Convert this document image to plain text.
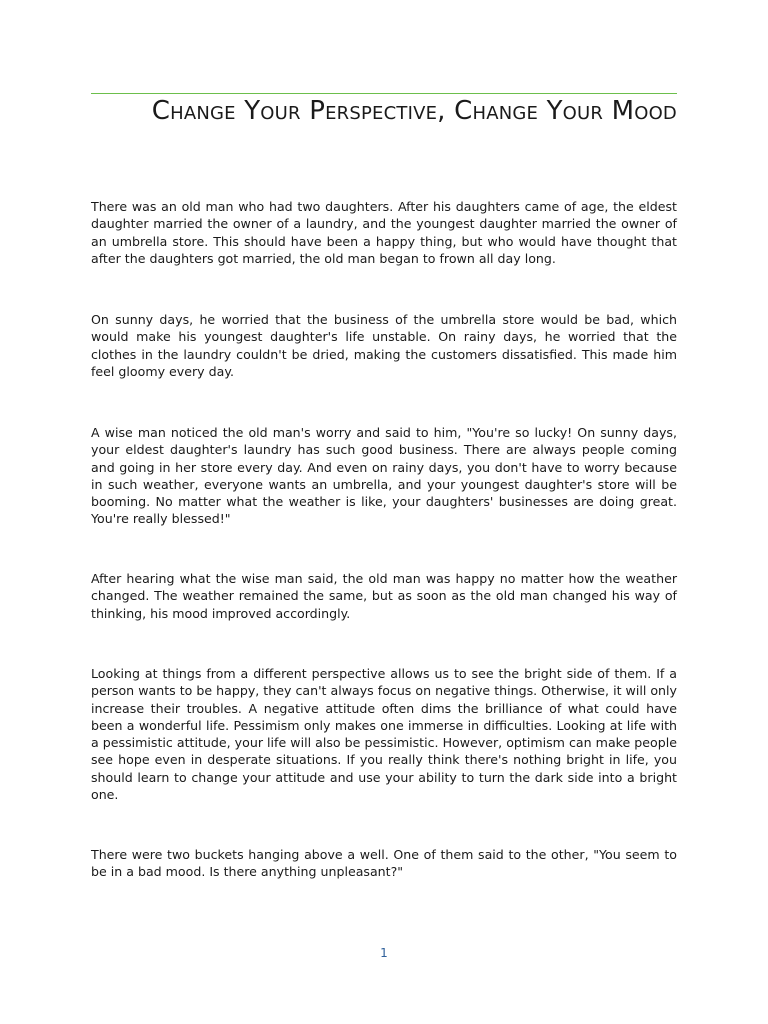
Change Your Perspective, Change Your Mood

There was an old man who had two daughters. After his daughters came of age, the eldest daughter married the owner of a laundry, and the youngest daughter married the owner of an umbrella store. This should have been a happy thing, but who would have thought that after the daughters got married, the old man began to frown all day long.

On sunny days, he worried that the business of the umbrella store would be bad, which would make his youngest daughter's life unstable. On rainy days, he worried that the clothes in the laundry couldn't be dried, making the customers dissatisfied. This made him feel gloomy every day.

A wise man noticed the old man's worry and said to him, "You're so lucky! On sunny days, your eldest daughter's laundry has such good business. There are always people coming and going in her store every day. And even on rainy days, you don't have to worry because in such weather, everyone wants an umbrella, and your youngest daughter's store will be booming. No matter what the weather is like, your daughters' businesses are doing great. You're really blessed!"

After hearing what the wise man said, the old man was happy no matter how the weather changed. The weather remained the same, but as soon as the old man changed his way of thinking, his mood improved accordingly.

Looking at things from a different perspective allows us to see the bright side of them. If a person wants to be happy, they can't always focus on negative things. Otherwise, it will only increase their troubles. A negative attitude often dims the brilliance of what could have been a wonderful life. Pessimism only makes one immerse in difficulties. Looking at life with a pessimistic attitude, your life will also be pessimistic. However, optimism can make people see hope even in desperate situations. If you really think there's nothing bright in life, you should learn to change your attitude and use your ability to turn the dark side into a bright one.

There were two buckets hanging above a well. One of them said to the other, "You seem to be in a bad mood. Is there anything unpleasant?"

1
